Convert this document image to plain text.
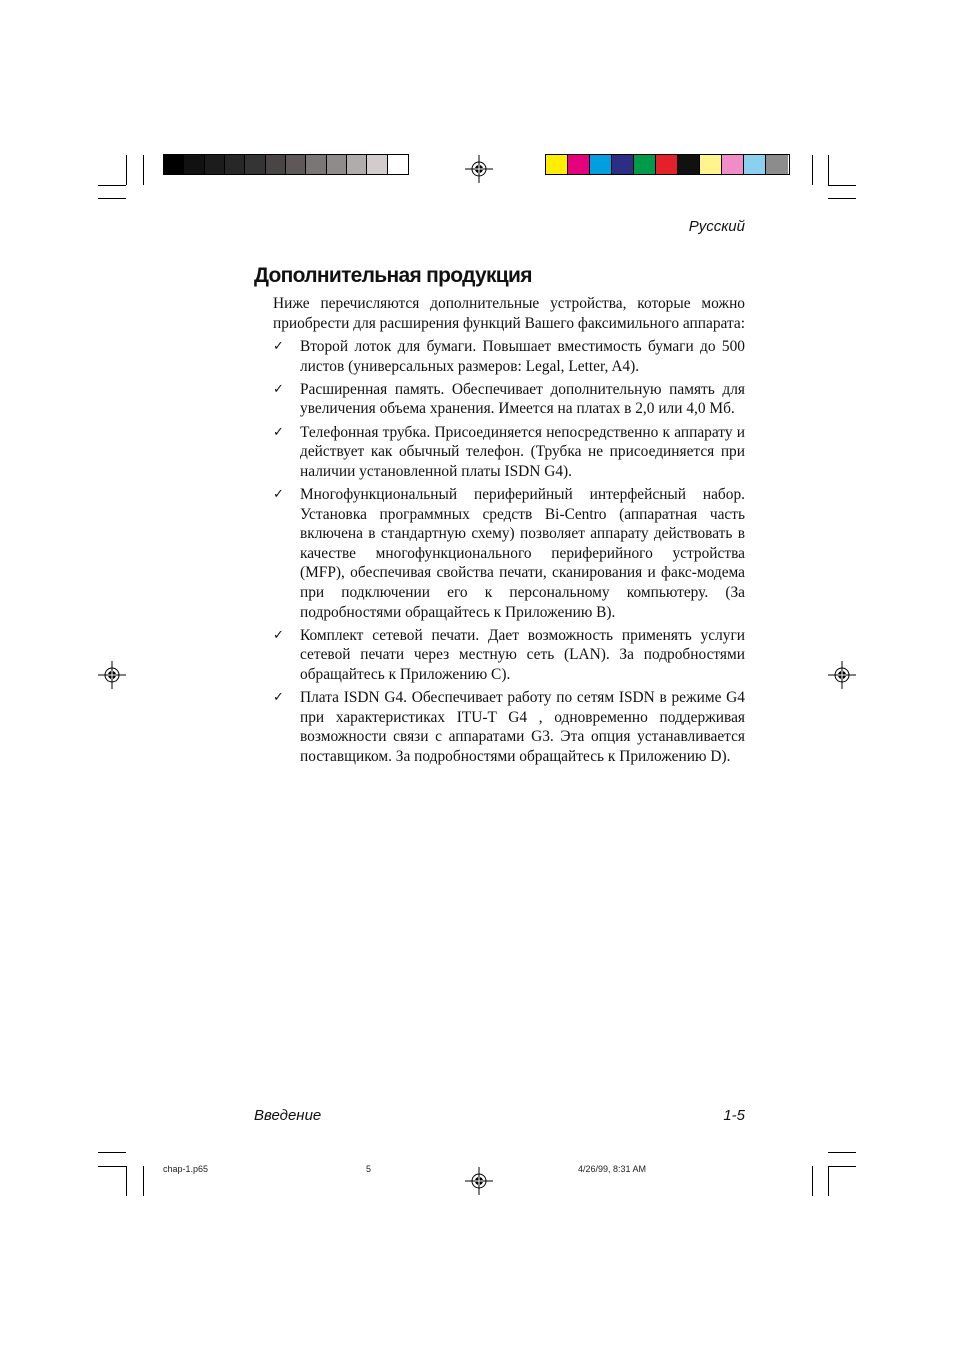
Русский
Дополнительная продукция
Ниже перечисляются дополнительные устройства, которые можно приобрести для расширения функций Вашего факсимильного аппарата:
✓	Второй лоток для бумаги. Повышает вместимость бумаги до 500 листов (универсальных размеров: Legal, Letter, A4).
✓	Расширенная память. Обеспечивает дополнительную память для увеличения объема хранения. Имеется на платах в 2,0 или 4,0 Мб.
✓	Телефонная трубка. Присоединяется непосредственно к аппарату и действует как обычный телефон. (Трубка не присоединяется при наличии установленной платы ISDN G4).
✓	Многофункциональный периферийный интерфейсный набор. Установка программных средств Bi-Centro (аппаратная часть включена в стандартную схему) позволяет аппарату действовать в качестве многофункционального периферийного устройства (MFP), обеспечивая свойства печати, сканирования и факс-модема при подключении его к персональному компьютеру. (За подробностями обращайтесь к Приложению B).
✓	Комплект сетевой печати. Дает возможность применять услуги сетевой печати через местную сеть (LAN). За подробностями обращайтесь к Приложению C).
✓	Плата ISDN G4. Обеспечивает работу по сетям ISDN в режиме G4 при характеристиках ITU-T G4 , одновременно поддерживая возможности связи с аппаратами G3. Эта опция устанавливается поставщиком. За подробностями обращайтесь к Приложению D).
Введение	1-5
chap-1.p65	5	4/26/99, 8:31 AM
